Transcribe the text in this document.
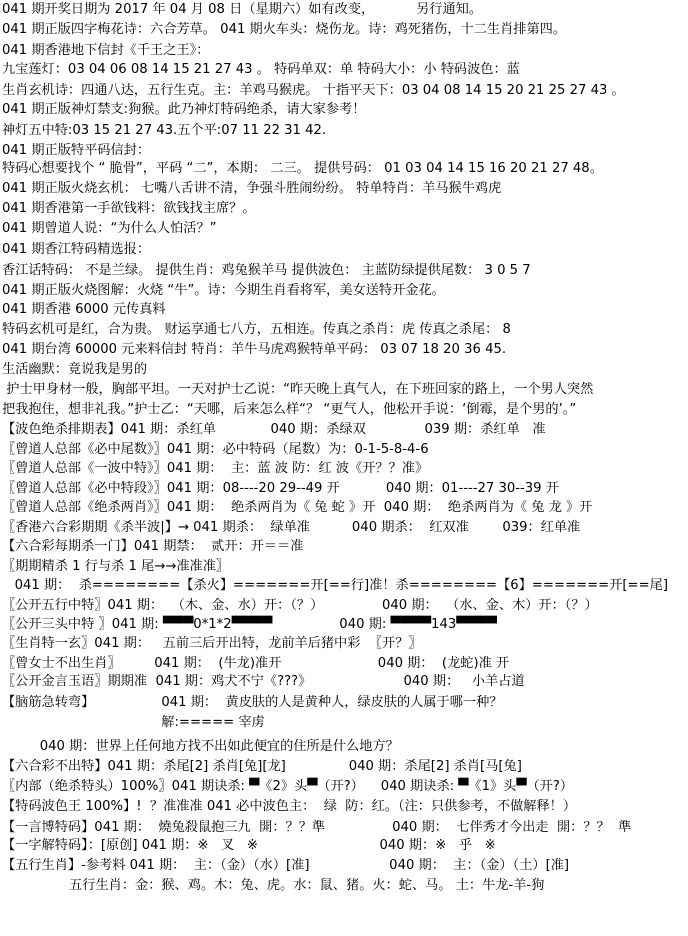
041 期开奖日期为 2017 年 04 月 08 日（星期六）如有改变，          另行通知。
041 期正版四字梅花诗：六合芳草。 041 期火车头：烧伤龙。诗：鸡死猪伤，十二生肖排第四。
041 期香港地下信封《千王之王》：
九宝莲灯：03 04 06 08 14 15 21 27 43 。 特码单双：单 特码大小：小 特码波色：蓝
生肖玄机诗：四通八达，五行生克。主：羊鸡马猴虎。 十指平天下：03 04 08 14 15 20 21 25 27 43 。
041 期正版神灯禁支:狗猴。此乃神灯特码绝杀，请大家参考！
神灯五中特:03 15 21 27 43.五个平:07 11 22 31 42.
041 期正版特平码信封：
特码心想要找个 “ 脆骨”，平码 “二”，本期： 二三。 提供号码： 01 03 04 14 15 16 20 21 27 48。
041 期正版火烧玄机： 七嘴八舌讲不清，争强斗胜闹纷纷。 特单特肖：羊马猴牛鸡虎
041 期香港第一手欲钱料：欲钱找主席？。
041 期曾道人说：“为什么人怕活？”
041 期香江特码精选报：
香江话特码： 不是兰绿。 提供生肖：鸡兔猴羊马 提供波色： 主蓝防绿提供尾数： 3 0 5 7
041 期正版火烧图解：火烧 “牛”。诗：今期生肖看将军，美女送特开金花。
041 期香港 6000 元传真料
特码玄机可是红，合为贵。 财运享通七八方，五相连。传真之杀肖：虎 传真之杀尾： 8
041 期台湾 60000 元来料信封 特肖：羊牛马虎鸡猴特单平码： 03 07 18 20 36 45.
生活幽默：竟说我是男的
护士甲身材一般，胸部平坦。一天对护士乙说：“昨天晚上真气人，在下班回家的路上，一个男人突然
把我抱住，想非礼我。”护士乙：“天哪，后来怎么样“？ “更气人，他松开手说：‘倒霉，是个男的’。”
【波色绝杀排期表】041 期：杀红单             040 期：杀绿双              039 期：杀红单   准
〖曾道人总部《必中尾数》〗041 期：必中特码（尾数）为：0-1-5-8-4-6
〖曾道人总部《一波中特》〗041 期：  主：蓝 波 防：红 波《开？？准》
〖曾道人总部《必中特段》〗041 期：08----20 29--49 开           040 期：01----27 30--39 开
〖曾道人总部《绝杀两肖》〗041 期：  绝杀两肖为《 兔 蛇 》开  040 期：  绝杀两肖为《 兔 龙 》开
〖香港六合彩期期《杀半波|】→ 041 期杀：  绿单准          040 期杀：  红双准        039：红单准
【六合彩每期杀一门】041 期禁：  贰开：开＝＝准
〖期期精杀 1 行与杀 1 尾→→准准准〗
041 期：  杀========【杀火】=======开[==行]准！杀========【6】=======开[==尾]
〖公开五行中特〗041 期：  （木、金、水）开：（？）              040 期：  （水、金、木）开：（？）
〖公开三头中特 〗041 期: ▀▀▀0*1*2▀▀▀▀                040 期: ▀▀▀▀143▀▀▀▀
〖生肖特一玄〗041 期：   五前三后开出特，龙前羊后猪中彩  〖开？〗
〖曾女士不出生肖〗        041 期：  (牛龙)准开                       040 期：  (龙蛇)准 开
〖公开金言玉语〗期期准  041 期：鸡犬不宁《???》                      040 期：   小羊占道
【脑筋急转弯】                041 期：  黄皮肤的人是黄种人，绿皮肤的人属于哪一种？
解:===== 宰虏
040 期：世界上任何地方找不出如此便宜的住所是什么地方？
【六合彩不出特】041 期：杀尾[2] 杀肖[兔][龙]               040 期：杀尾[2] 杀肖[马[兔]
〖内部（绝杀特头）100%〗041 期诀杀: ▀《2》头▀（开?）    040 期诀杀: ▀《1》头▀（开?）
【特码波色王 100%】!  ？准准准 041 必中波色主：  绿  防：红。（注：只供参考，不做解释！）
【一言博特码】041 期：  燒兔殺鼠抱三九  開：？？準                040 期：  七伴秀才今出走  開：？？  準
【一字解特码】：[原创] 041 期：※   叉   ※                             040 期：※   乎   ※
【五行生肖】-参考料 041 期：  主：（金）（水）[准]                   040 期：  主：（金）（土）[准]
五行生肖：金：猴、鸡。木：兔、虎。水：鼠、猪。火：蛇、马。 土：牛龙-羊-狗
